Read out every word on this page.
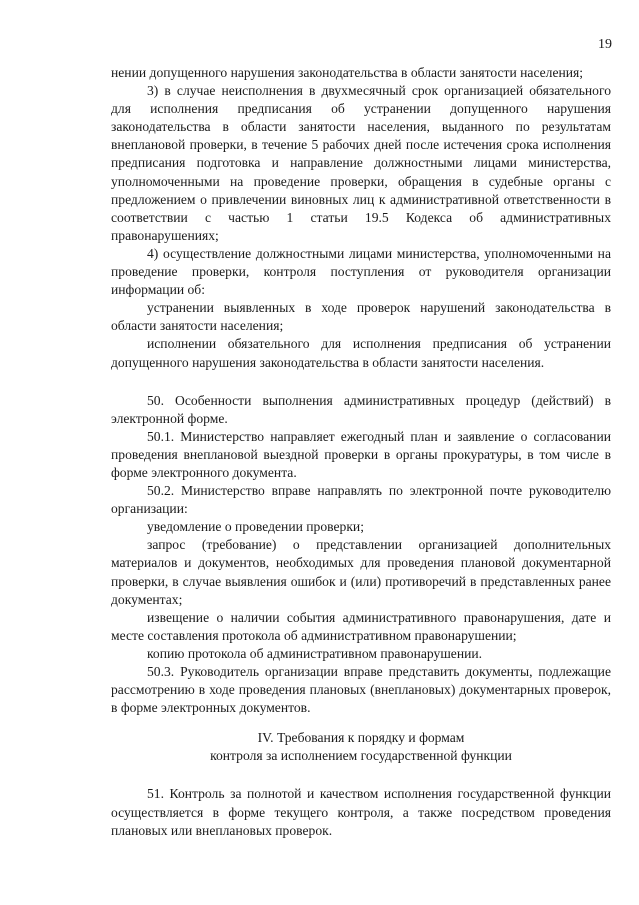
19

нении допущенного нарушения законодательства в области занятости населения;

3) в случае неисполнения в двухмесячный срок организацией обязательного для исполнения предписания об устранении допущенного нарушения законодательства в области занятости населения, выданного по результатам внеплановой проверки, в течение 5 рабочих дней после истечения срока исполнения предписания подготовка и направление должностными лицами министерства, уполномоченными на проведение проверки, обращения в судебные органы с предложением о привлечении виновных лиц к административной ответственности в соответствии с частью 1 статьи 19.5 Кодекса об административных правонарушениях;

4) осуществление должностными лицами министерства, уполномоченными на проведение проверки, контроля поступления от руководителя организации информации об:

устранении выявленных в ходе проверок нарушений законодательства в области занятости населения;

исполнении обязательного для исполнения предписания об устранении допущенного нарушения законодательства в области занятости населения.

50. Особенности выполнения административных процедур (действий) в электронной форме.

50.1. Министерство направляет ежегодный план и заявление о согласовании проведения внеплановой выездной проверки в органы прокуратуры, в том числе в форме электронного документа.

50.2. Министерство вправе направлять по электронной почте руководителю организации:

уведомление о проведении проверки;

запрос (требование) о представлении организацией дополнительных материалов и документов, необходимых для проведения плановой документарной проверки, в случае выявления ошибок и (или) противоречий в представленных ранее документах;

извещение о наличии события административного правонарушения, дате и месте составления протокола об административном правонарушении;

копию протокола об административном правонарушении.

50.3. Руководитель организации вправе представить документы, подлежащие рассмотрению в ходе проведения плановых (внеплановых) документарных проверок, в форме электронных документов.

IV. Требования к порядку и формам

контроля за исполнением государственной функции

51. Контроль за полнотой и качеством исполнения государственной функции осуществляется в форме текущего контроля, а также посредством проведения плановых или внеплановых проверок.
